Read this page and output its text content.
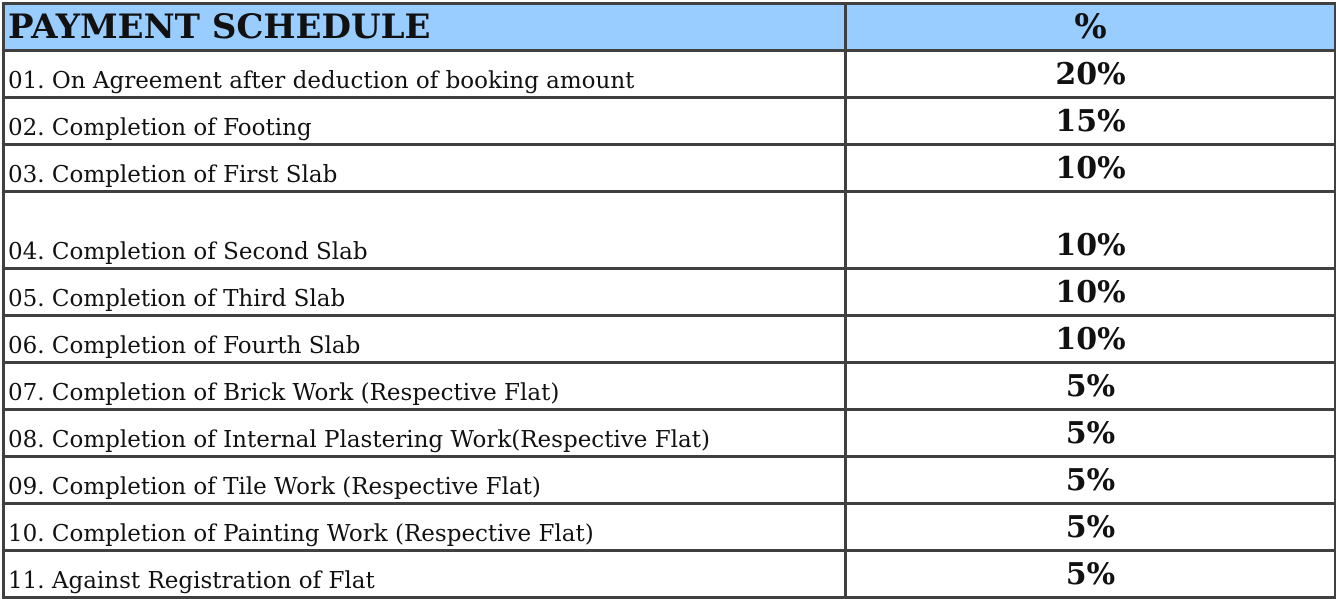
PAYMENT SCHEDULE	%
01. On Agreement after deduction of booking amount	20%
02. Completion of Footing	15%
03. Completion of First Slab	10%
04. Completion of Second Slab	10%
05. Completion of Third Slab	10%
06. Completion of Fourth Slab	10%
07. Completion of Brick Work (Respective Flat)	5%
08. Completion of Internal Plastering Work(Respective Flat)	5%
09. Completion of Tile Work (Respective Flat)	5%
10. Completion of Painting Work (Respective Flat)	5%
11. Against Registration of Flat	5%
